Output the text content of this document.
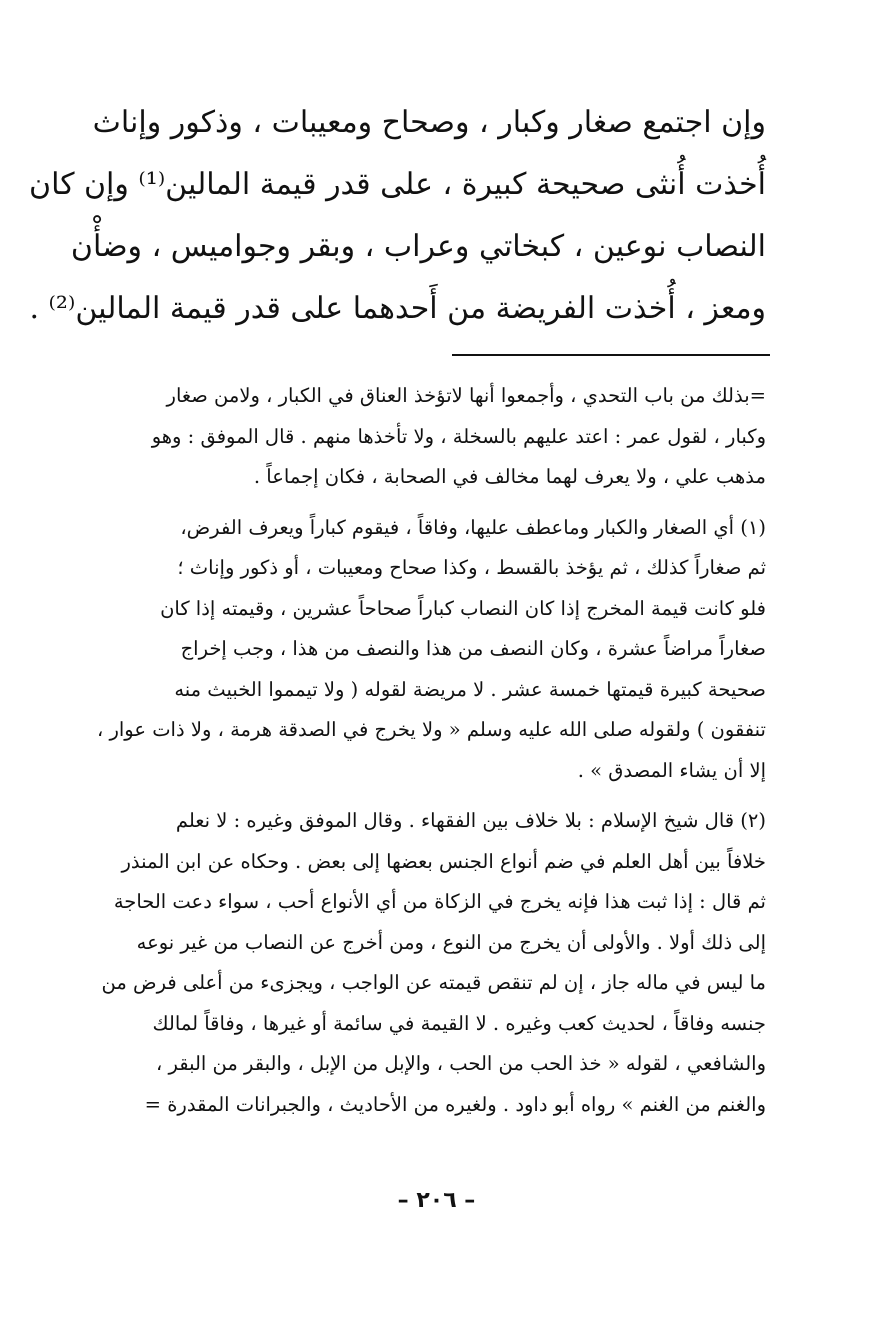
وإن اجتمع صغار وكبار ، وصحاح ومعيبات ، وذكور وإناث
أُخذت أُنثى صحيحة كبيرة ، على قدر قيمة المالين⁽¹⁾ وإن كان
النصاب نوعين ، كبخاتي وعراب ، وبقر وجواميس ، وضأْن
ومعز ، أُخذت الفريضة من أَحدهما على قدر قيمة المالين⁽²⁾ .
=بذلك من باب التحدي ، وأجمعوا أنها لاتؤخذ العناق في الكبار ، ولامن صغار
وكبار ، لقول عمر : اعتد عليهم بالسخلة ، ولا تأخذها منهم . قال الموفق : وهو
مذهب علي ، ولا يعرف لهما مخالف في الصحابة ، فكان إجماعاً .
(١) أي الصغار والكبار وماعطف عليها، وفاقاً ، فيقوم كباراً ويعرف الفرض،
ثم صغاراً كذلك ، ثم يؤخذ بالقسط ، وكذا صحاح ومعيبات ، أو ذكور وإناث ؛
فلو كانت قيمة المخرج إذا كان النصاب كباراً صحاحاً عشرين ، وقيمته إذا كان
صغاراً مراضاً عشرة ، وكان النصف من هذا والنصف من هذا ، وجب إخراج
صحيحة كبيرة قيمتها خمسة عشر . لا مريضة لقوله ( ولا تيمموا الخبيث منه
تنفقون ) ولقوله صلى الله عليه وسلم « ولا يخرج في الصدقة هرمة ، ولا ذات عوار ،
إلا أن يشاء المصدق » .
(٢) قال شيخ الإسلام : بلا خلاف بين الفقهاء . وقال الموفق وغيره : لا نعلم
خلافاً بين أهل العلم في ضم أنواع الجنس بعضها إلى بعض . وحكاه عن ابن المنذر
ثم قال : إذا ثبت هذا فإنه يخرج في الزكاة من أي الأنواع أحب ، سواء دعت الحاجة
إلى ذلك أولا . والأولى أن يخرج من النوع ، ومن أخرج عن النصاب من غير نوعه
ما ليس في ماله جاز ، إن لم تنقص قيمته عن الواجب ، ويجزىء من أعلى فرض من
جنسه وفاقاً ، لحديث كعب وغيره . لا القيمة في سائمة أو غيرها ، وفاقاً لمالك
والشافعي ، لقوله « خذ الحب من الحب ، والإبل من الإبل ، والبقر من البقر ،
والغنم من الغنم » رواه أبو داود . ولغيره من الأحاديث ، والجبرانات المقدرة =
– ٢٠٦ –
